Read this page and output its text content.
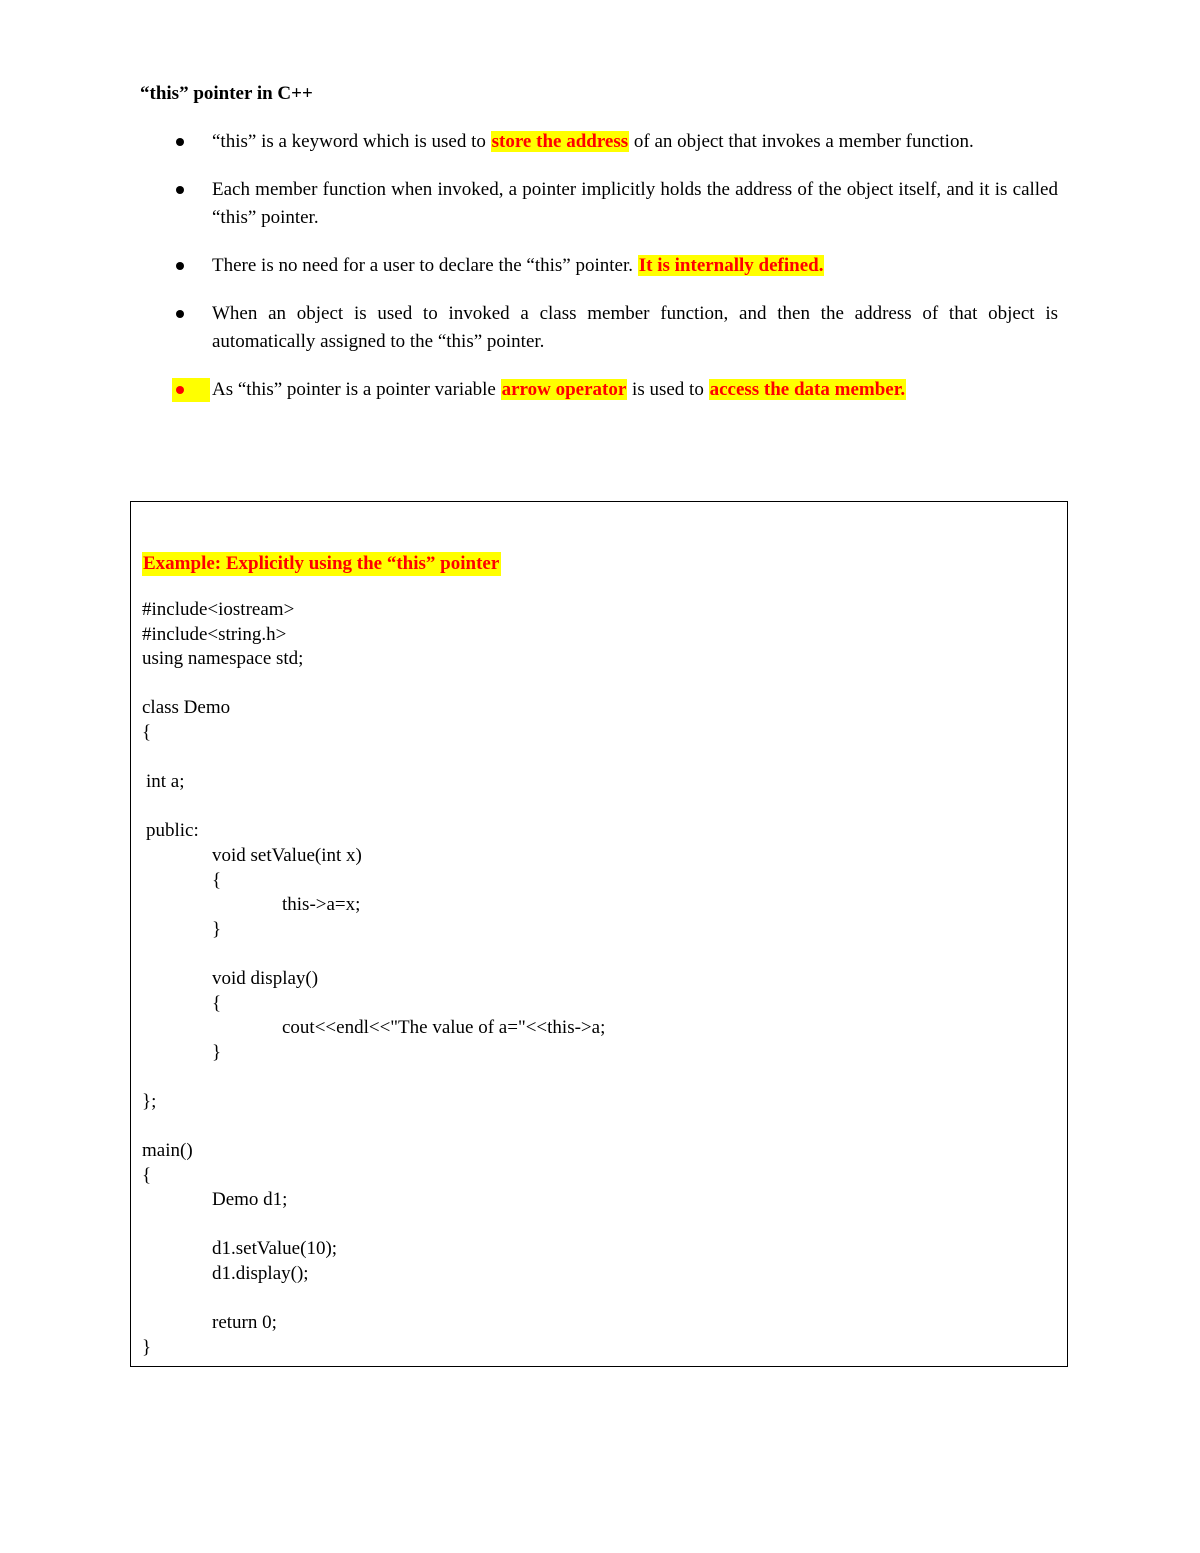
“this” pointer in C++
“this” is a keyword which is used to store the address of an object that invokes a member function.
Each member function when invoked, a pointer implicitly holds the address of the object itself, and it is called “this” pointer.
There is no need for a user to declare the “this” pointer. It is internally defined.
When an object is used to invoked a class member function, and then the address of that object is automatically assigned to the “this” pointer.
As “this” pointer is a pointer variable arrow operator is used to access the data member.
Example: Explicitly using the “this” pointer
#include<iostream>
#include<string.h>
using namespace std;
class Demo
{
int a;
public:
void setValue(int x)
{
this->a=x;
}
void display()
{
cout<<endl<<"The value of a="<<this->a;
}
};
main()
{
Demo d1;
d1.setValue(10);
d1.display();
return 0;
}
